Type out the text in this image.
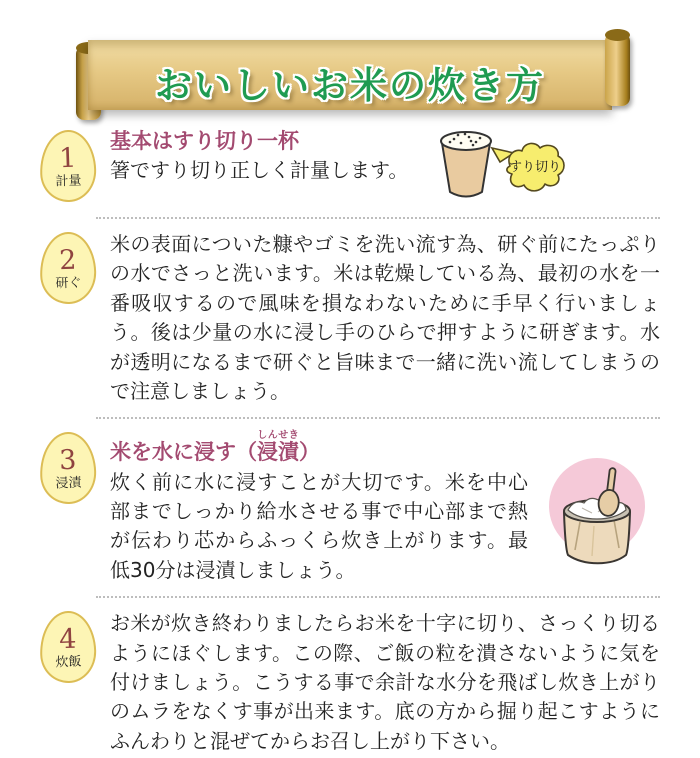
おいしいお米の炊き方
1
計量
基本はすり切り一杯

箸ですり切り正しく計量します。	すり切り
2
研ぐ

米の表面についた糠やゴミを洗い流す為、研ぐ前にたっぷりの水でさっと洗います。米は乾燥している為、最初の水を一番吸収するので風味を損なわないために手早く行いましょう。後は少量の水に浸し手のひらで押すように研ぎます。水が透明になるまで研ぐと旨味まで一緒に洗い流してしまうので注意しましょう。

3
浸漬
米を水に浸す（浸漬しんせき）

炊く前に水に浸すことが大切です。米を中心部までしっかり給水させる事で中心部まで熱が伝わり芯からふっくら炊き上がります。最低30分は浸漬しましょう。

4
炊飯

お米が炊き終わりましたらお米を十字に切り、さっくり切るようにほぐします。この際、ご飯の粒を潰さないように気を付けましょう。こうする事で余計な水分を飛ばし炊き上がりのムラをなくす事が出来ます。底の方から掘り起こすようにふんわりと混ぜてからお召し上がり下さい。
